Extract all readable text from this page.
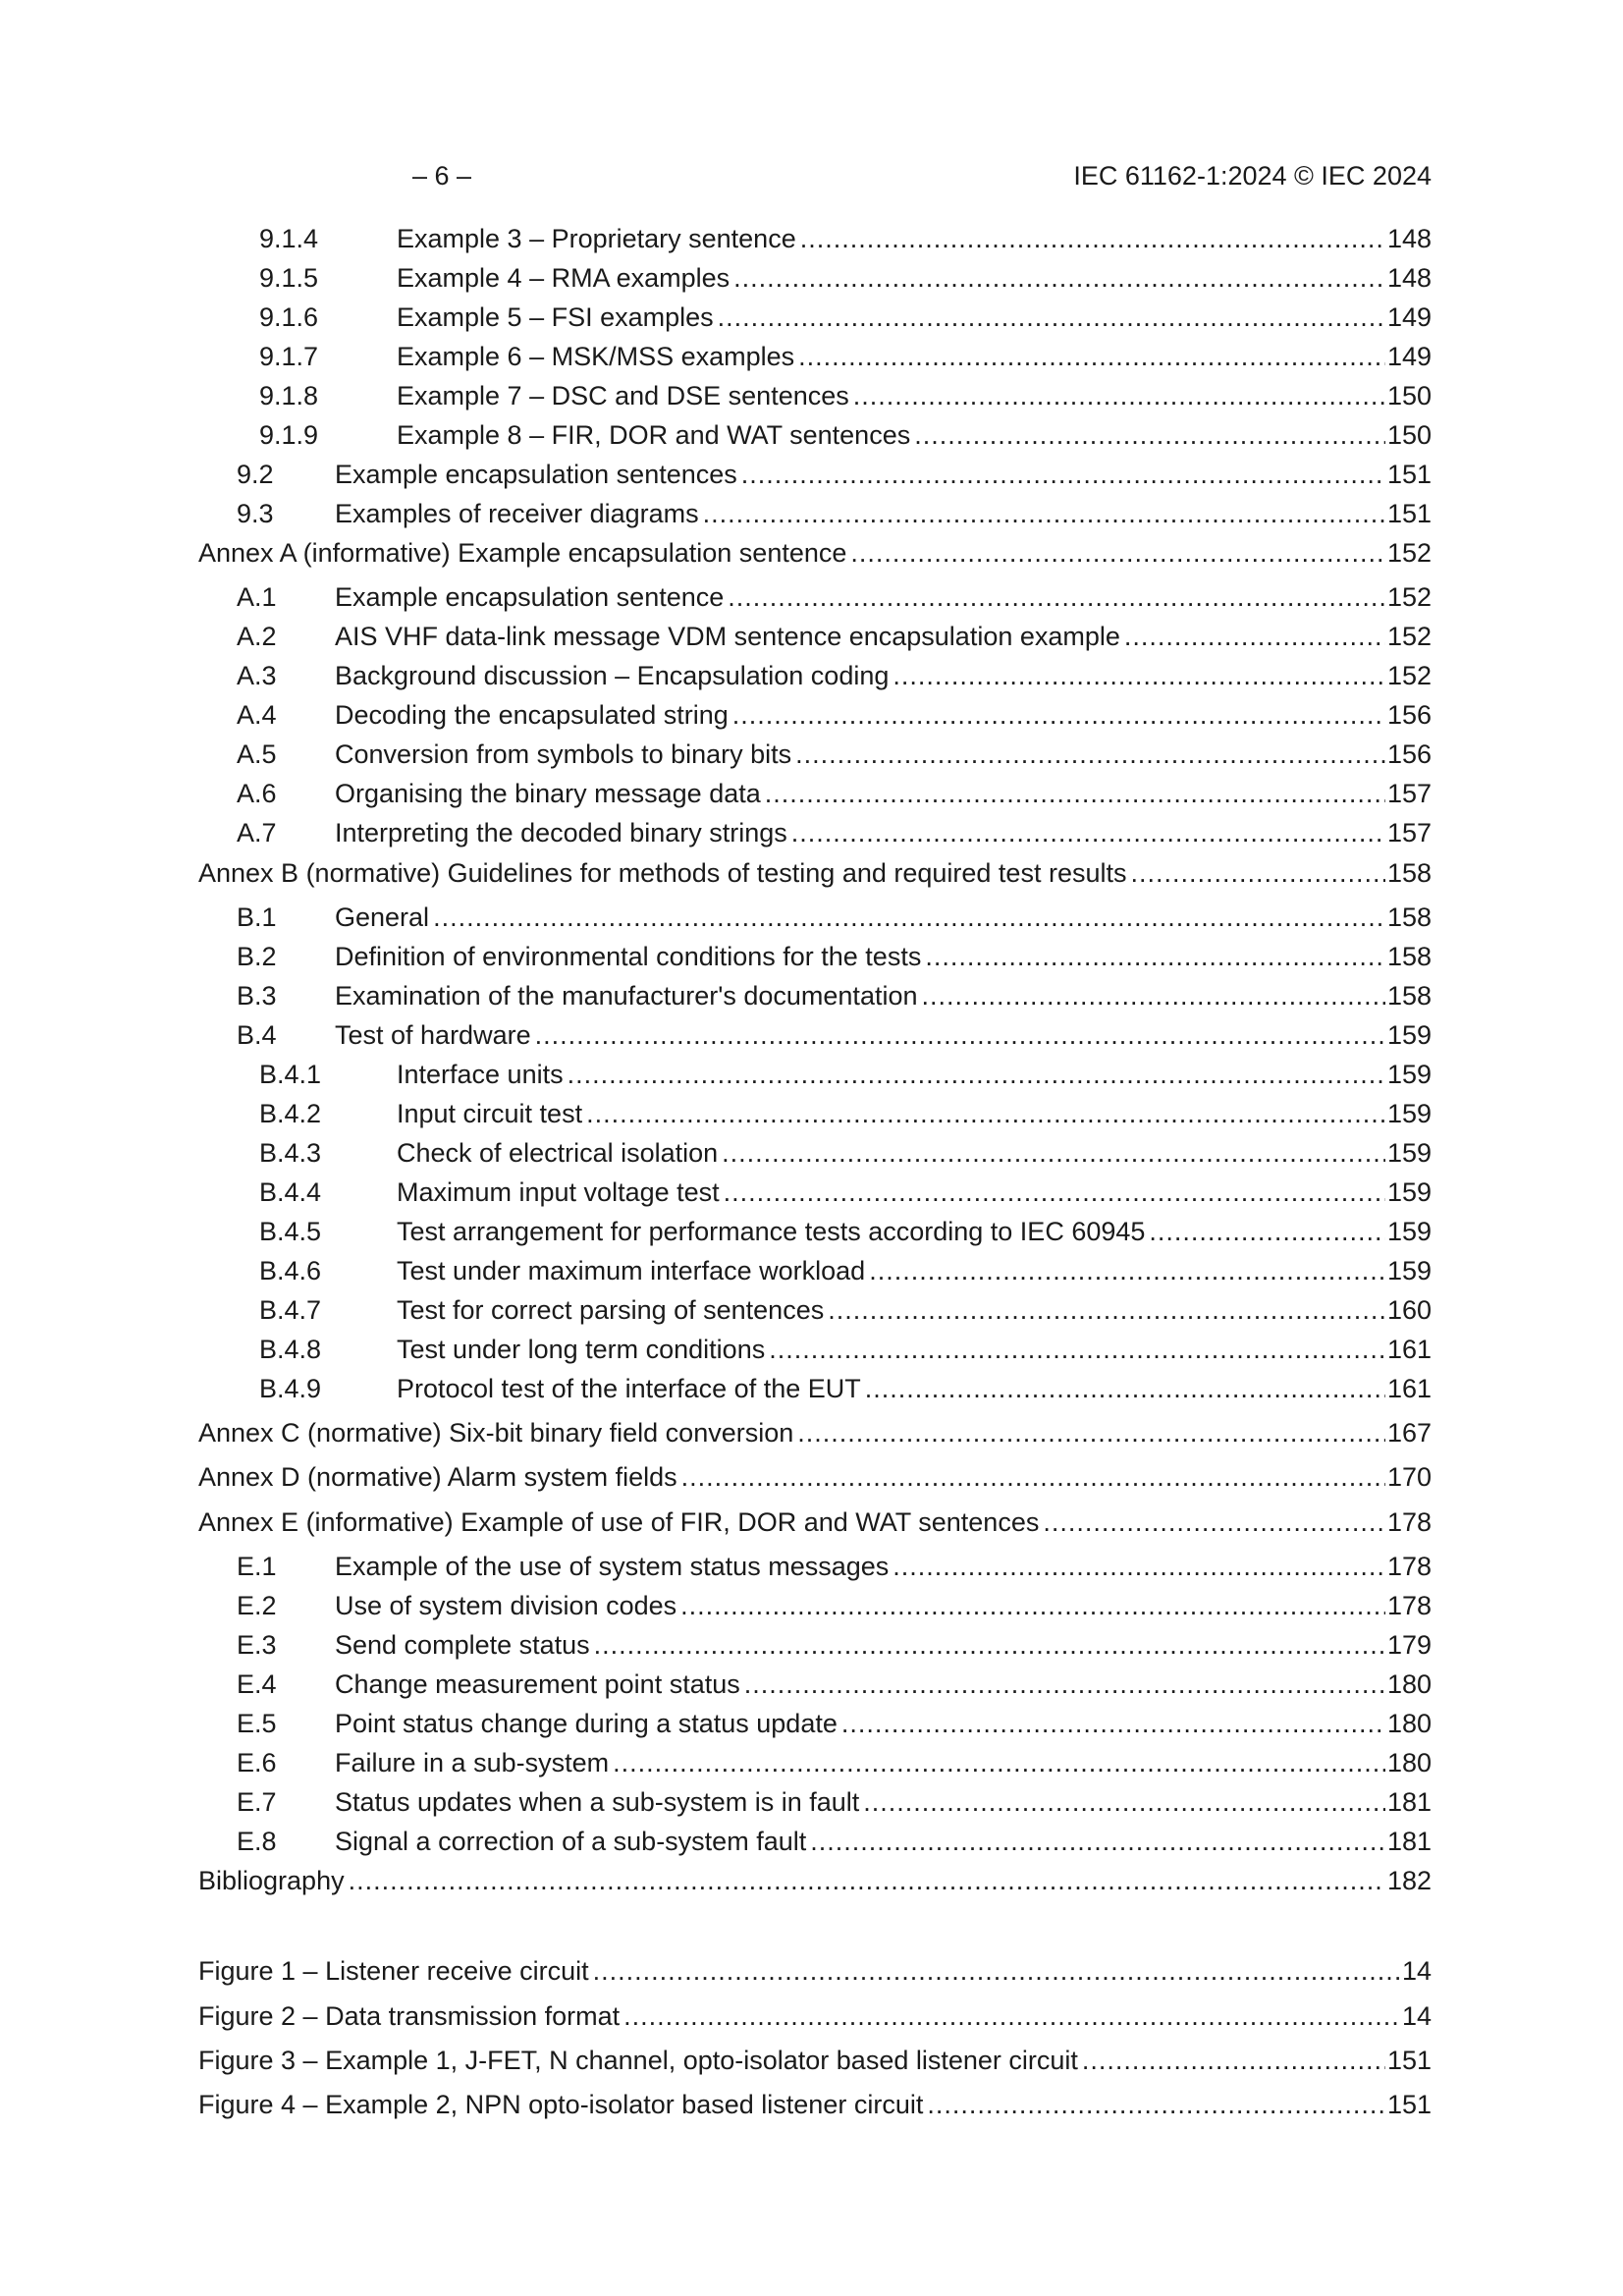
– 6 –	IEC 61162-1:2024 © IEC 2024
9.1.4	Example 3 – Proprietary sentence .....	148
9.1.5	Example 4 – RMA examples .....	148
9.1.6	Example 5 – FSI examples .....	149
9.1.7	Example 6 – MSK/MSS examples .....	149
9.1.8	Example 7 – DSC and DSE sentences .....	150
9.1.9	Example 8 – FIR, DOR and WAT sentences .....	150
9.2	Example encapsulation sentences .....	151
9.3	Examples of receiver diagrams .....	151
Annex A (informative) Example encapsulation sentence .....	152
A.1	Example encapsulation sentence .....	152
A.2	AIS VHF data-link message VDM sentence encapsulation example .....	152
A.3	Background discussion – Encapsulation coding .....	152
A.4	Decoding the encapsulated string .....	156
A.5	Conversion from symbols to binary bits .....	156
A.6	Organising the binary message data .....	157
A.7	Interpreting the decoded binary strings .....	157
Annex B (normative) Guidelines for methods of testing and required test results .....	158
B.1	General .....	158
B.2	Definition of environmental conditions for the tests .....	158
B.3	Examination of the manufacturer's documentation .....	158
B.4	Test of hardware .....	159
B.4.1	Interface units .....	159
B.4.2	Input circuit test .....	159
B.4.3	Check of electrical isolation .....	159
B.4.4	Maximum input voltage test .....	159
B.4.5	Test arrangement for performance tests according to IEC 60945 .....	159
B.4.6	Test under maximum interface workload .....	159
B.4.7	Test for correct parsing of sentences .....	160
B.4.8	Test under long term conditions .....	161
B.4.9	Protocol test of the interface of the EUT .....	161
Annex C (normative) Six-bit binary field conversion .....	167
Annex D (normative) Alarm system fields .....	170
Annex E (informative) Example of use of FIR, DOR and WAT sentences .....	178
E.1	Example of the use of system status messages .....	178
E.2	Use of system division codes .....	178
E.3	Send complete status .....	179
E.4	Change measurement point status .....	180
E.5	Point status change during a status update .....	180
E.6	Failure in a sub-system .....	180
E.7	Status updates when a sub-system is in fault .....	181
E.8	Signal a correction of a sub-system fault .....	181
Bibliography .....	182
Figure 1 – Listener receive circuit .....	14
Figure 2 – Data transmission format .....	14
Figure 3 – Example 1, J-FET, N channel, opto-isolator based listener circuit .....	151
Figure 4 – Example 2, NPN opto-isolator based listener circuit .....	151
